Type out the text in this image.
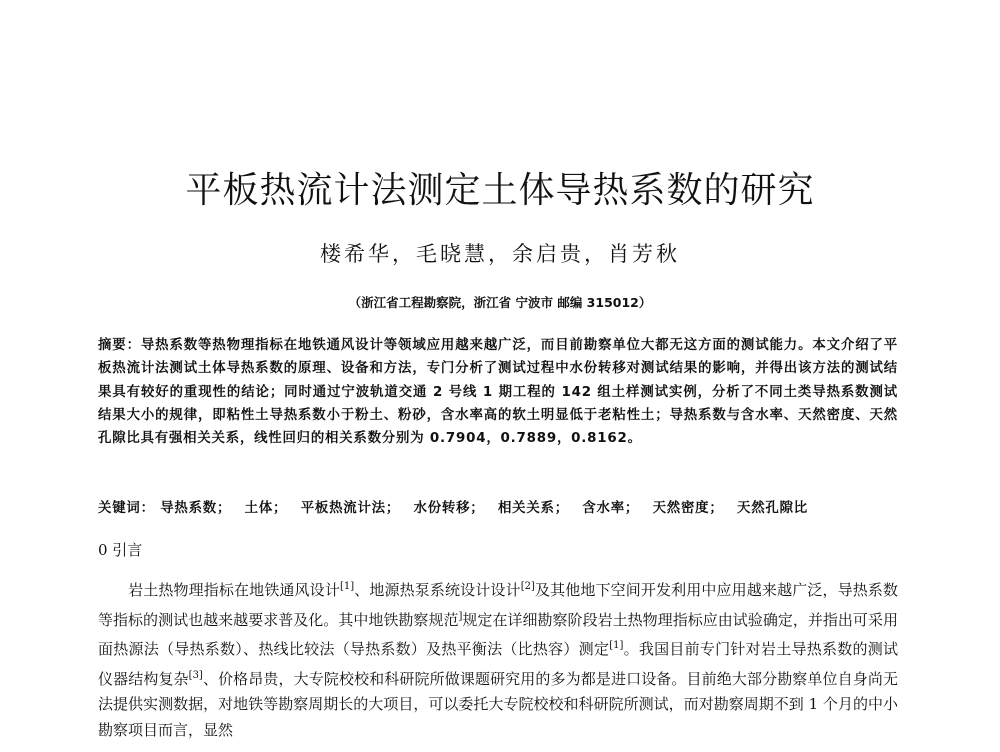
平板热流计法测定土体导热系数的研究
楼希华，毛晓慧，余启贵，肖芳秋
（浙江省工程勘察院，浙江省 宁波市 邮编 315012）

摘要：导热系数等热物理指标在地铁通风设计等领域应用越来越广泛，而目前勘察单位大都无这方面的测试能力。本文介绍了平板热流计法测试土体导热系数的原理、设备和方法，专门分析了测试过程中水份转移对测试结果的影响，并得出该方法的测试结果具有较好的重现性的结论；同时通过宁波轨道交通 2 号线 1 期工程的 142 组土样测试实例，分析了不同土类导热系数测试结果大小的规律，即粘性土导热系数小于粉土、粉砂，含水率高的软土明显低于老粘性土；导热系数与含水率、天然密度、天然孔隙比具有强相关关系，线性回归的相关系数分别为 0.7904，0.7889，0.8162。

关键词： 导热系数； 土体； 平板热流计法； 水份转移； 相关关系； 含水率； 天然密度； 天然孔隙比
0 引言

岩土热物理指标在地铁通风设计[1]、地源热泵系统设计设计[2]及其他地下空间开发利用中应用越来越广泛，导热系数等指标的测试也越来越要求普及化。其中地铁勘察规范]规定在详细勘察阶段岩土热物理指标应由试验确定，并指出可采用面热源法（导热系数）、热线比较法（导热系数）及热平衡法（比热容）测定[1]。我国目前专门针对岩土导热系数的测试仪器结构复杂[3]、价格昂贵，大专院校校和科研院所做课题研究用的多为都是进口设备。目前绝大部分勘察单位自身尚无法提供实测数据，对地铁等勘察周期长的大项目，可以委托大专院校校和科研院所测试，而对勘察周期不到 1 个月的中小勘察项目而言，显然
